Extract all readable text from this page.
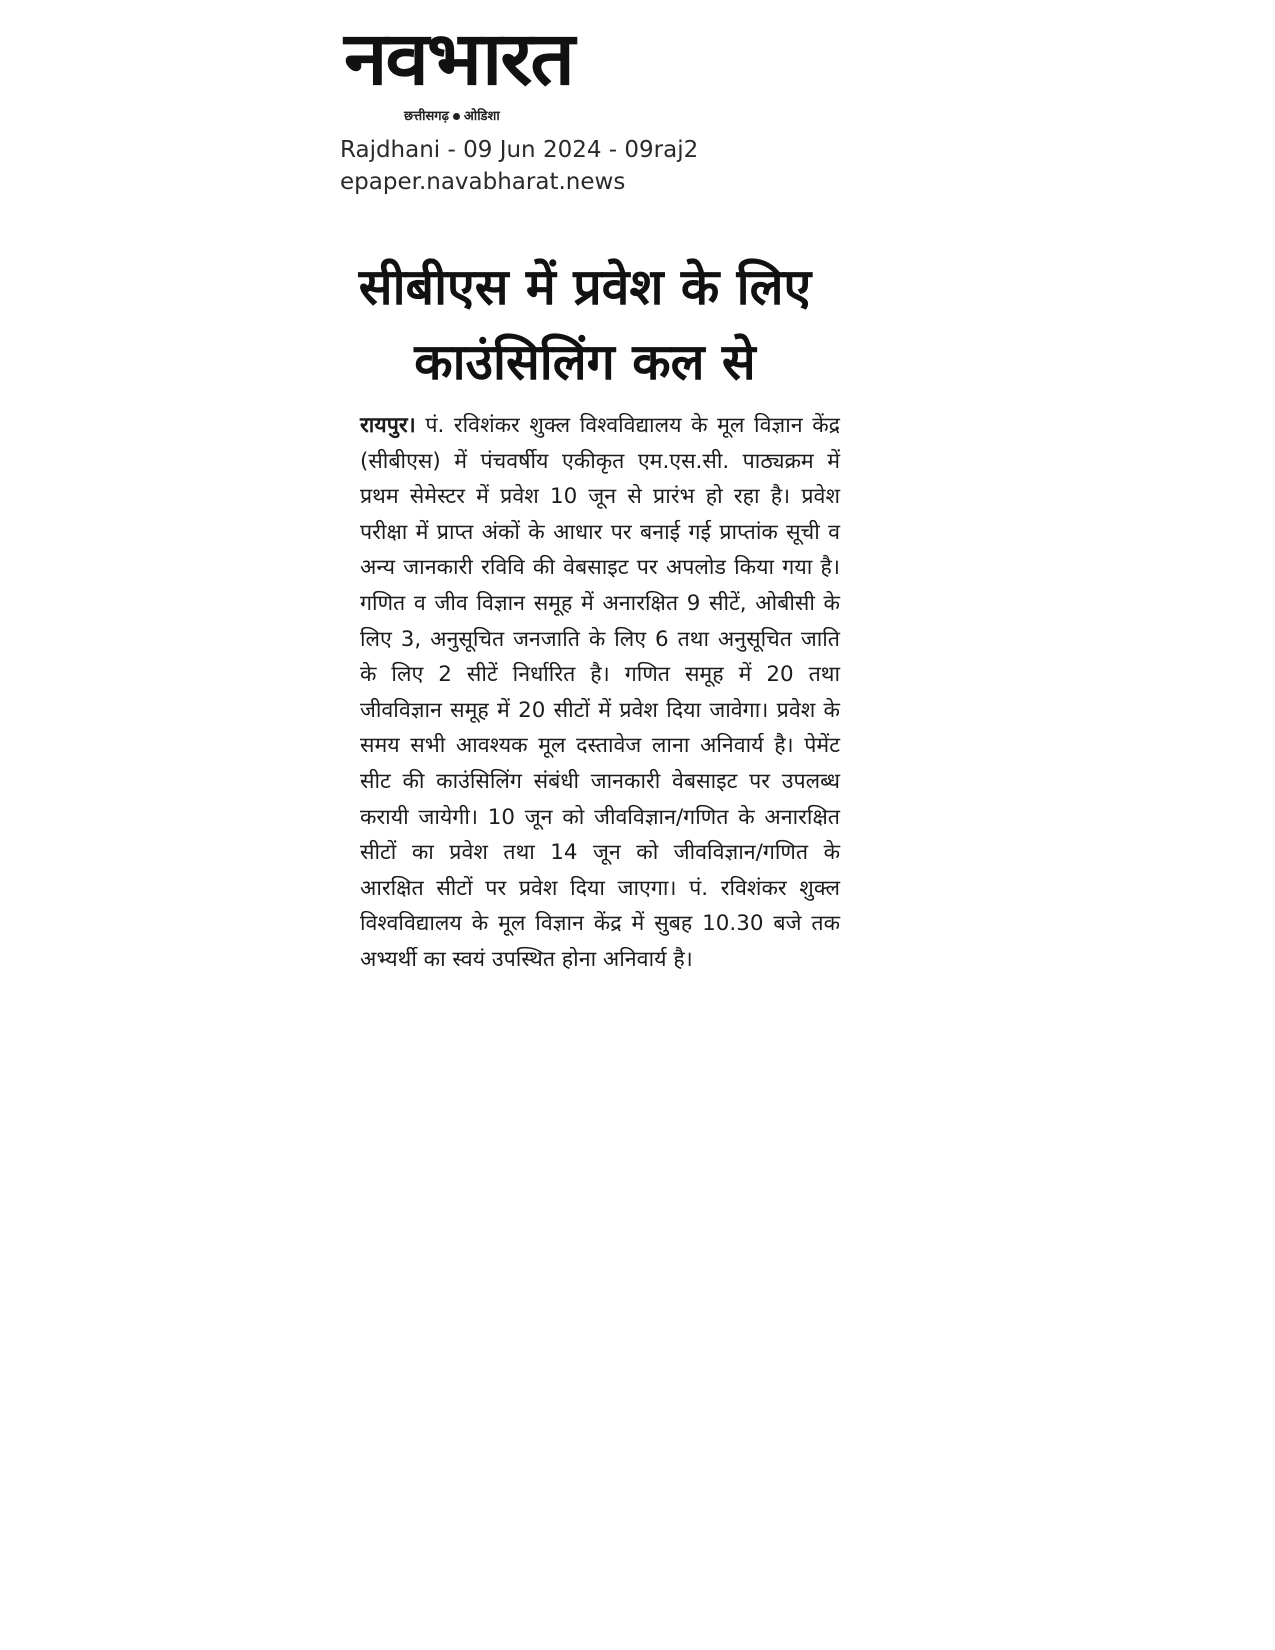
नवभारत
छत्तीसगढ़ ओडिशा
Rajdhani - 09 Jun 2024 - 09raj2
epaper.navabharat.news
सीबीएस में प्रवेश के लिए काउंसिलिंग कल से
रायपुर। पं. रविशंकर शुक्ल विश्वविद्यालय के मूल विज्ञान केंद्र (सीबीएस) में पंचवर्षीय एकीकृत एम.एस.सी. पाठ्यक्रम में प्रथम सेमेस्टर में प्रवेश 10 जून से प्रारंभ हो रहा है। प्रवेश परीक्षा में प्राप्त अंकों के आधार पर बनाई गई प्राप्तांक सूची व अन्य जानकारी रविवि की वेबसाइट पर अपलोड किया गया है। गणित व जीव विज्ञान समूह में अनारक्षित 9 सीटें, ओबीसी के लिए 3, अनुसूचित जनजाति के लिए 6 तथा अनुसूचित जाति के लिए 2 सीटें निर्धारित है। गणित समूह में 20 तथा जीवविज्ञान समूह में 20 सीटों में प्रवेश दिया जावेगा। प्रवेश के समय सभी आवश्यक मूल दस्तावेज लाना अनिवार्य है। पेमेंट सीट की काउंसिलिंग संबंधी जानकारी वेबसाइट पर उपलब्ध करायी जायेगी। 10 जून को जीवविज्ञान/गणित के अनारक्षित सीटों का प्रवेश तथा 14 जून को जीवविज्ञान/गणित के आरक्षित सीटों पर प्रवेश दिया जाएगा। पं. रविशंकर शुक्ल विश्वविद्यालय के मूल विज्ञान केंद्र में सुबह 10.30 बजे तक अभ्यर्थी का स्वयं उपस्थित होना अनिवार्य है।
